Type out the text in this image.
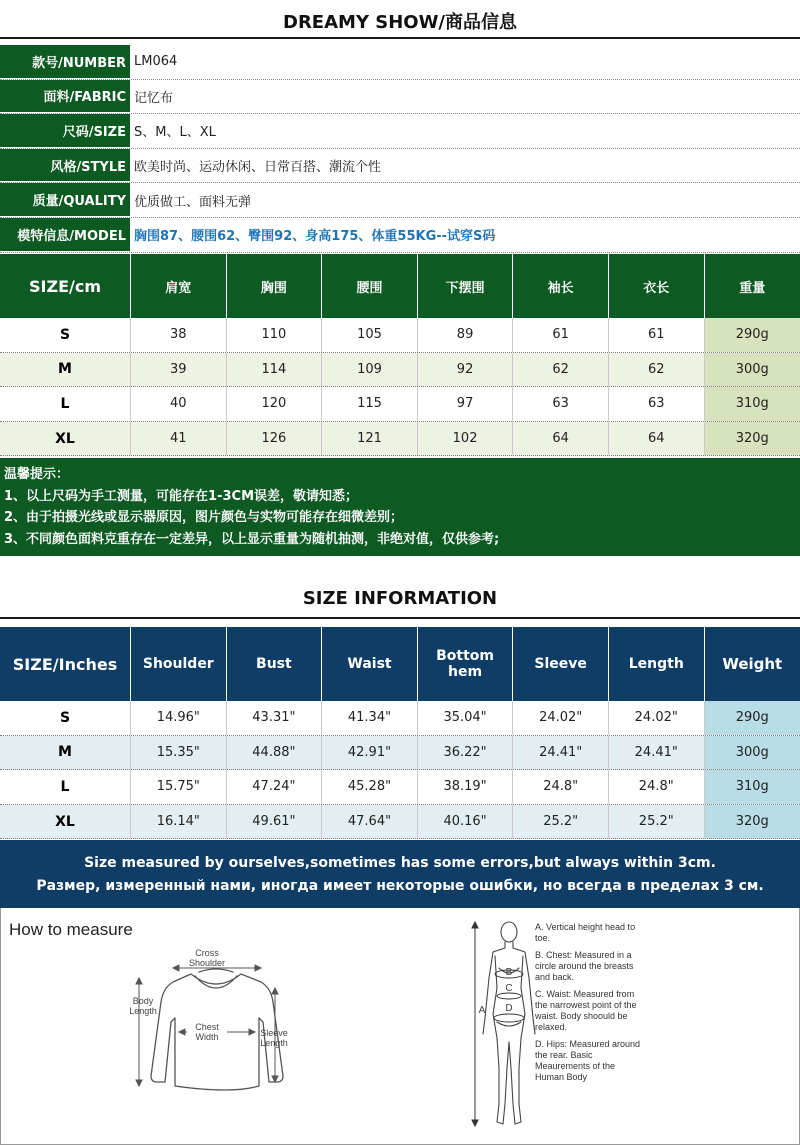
DREAMY SHOW/商品信息
款号/NUMBER LM064
面料/FABRIC 记忆布
尺码/SIZE S、M、L、XL
风格/STYLE 欧美时尚、运动休闲、日常百搭、潮流个性
质量/QUALITY 优质做工、面料无弹
模特信息/MODEL 胸围87、腰围62、臀围92、身高175、体重55KG--试穿S码
SIZE/cm	肩宽	胸围	腰围	下摆围	袖长	衣长	重量
S	38	110	105	89	61	61	290g
M	39	114	109	92	62	62	300g
L	40	120	115	97	63	63	310g
XL	41	126	121	102	64	64	320g
温馨提示：
1、以上尺码为手工测量，可能存在1-3CM误差，敬请知悉；
2、由于拍摄光线或显示器原因，图片颜色与实物可能存在细微差别；
3、不同颜色面料克重存在一定差异，以上显示重量为随机抽测，非绝对值，仅供参考;
SIZE INFORMATION
SIZE/Inches	Shoulder	Bust	Waist	Bottom hem	Sleeve	Length	Weight
S	14.96"	43.31"	41.34"	35.04"	24.02"	24.02"	290g
M	15.35"	44.88"	42.91"	36.22"	24.41"	24.41"	300g
L	15.75"	47.24"	45.28"	38.19"	24.8"	24.8"	310g
XL	16.14"	49.61"	47.64"	40.16"	25.2"	25.2"	320g
Size measured by ourselves,sometimes has some errors,but always within 3cm.
Размер, измеренный нами, иногда имеет некоторые ошибки, но всегда в пределах 3 см.
How to measure
Cross Shoulder
Body Length
Chest Width	Sleeve Length
A
B
C
D

A. Vertical height head to toe.

B. Chest: Measured in a circle around the breasts and back.

C. Waist: Measured from the narrowest point of the waist. Body shoould be relaxed.

D. Hips: Measured around the rear. Basic Meaurements of the Human Body
